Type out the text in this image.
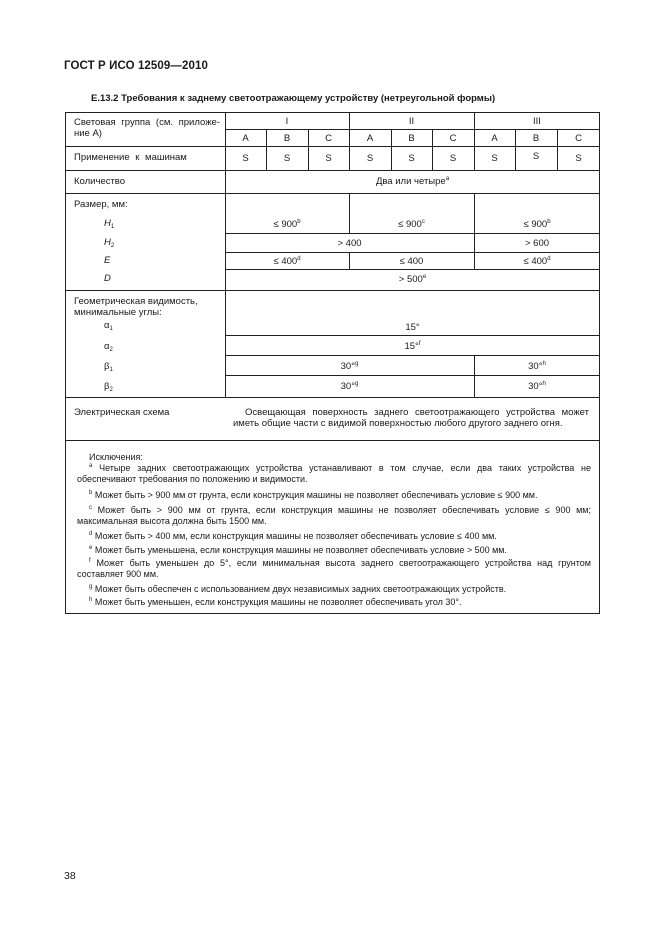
ГОСТ Р ИСО 12509—2010
Е.13.2 Требования к заднему светоотражающему устройству (нетреугольной формы)
Световая группа (см. приложе-ние А)
I	II	III
A	B	C	A	B	C	A	B	C
Применение к машинам	S	S	S	S	S	S	S	S	S
Количество	Два или четыре$^a$
Размер, мм:
$H_1$	≤ $900^b$	≤ $900^c$	≤ $900^b$
$H_2$	> 400	> 600
E	≤ $400^d$	≤ 400	≤ $400^d$
D	> $500^e$
Геометрическая видимость,
минимальные углы:
$\alpha_1$	15°
$\alpha_2$	15°$^f$
$\beta_1$	30°$^g$	30°$^h$
$\beta_2$	30°$^g$	30°$^h$
Электрическая схема	Освещающая поверхность заднего светоотражающего устройства может иметь общие части с видимой поверхностью любого другого заднего огня.
Исключения:
$^a$ Четыре задних светоотражающих устройства устанавливают в том случае, если два таких устройства не обеспечивают требования по положению и видимости.
$^b$ Может быть > 900 мм от грунта, если конструкция машины не позволяет обеспечивать условие ≤ 900 мм.
$^c$ Может быть > 900 мм от грунта, если конструкция машины не позволяет обеспечивать условие ≤ 900 мм; максимальная высота должна быть 1500 мм.
$^d$ Может быть > 400 мм, если конструкция машины не позволяет обеспечивать условие ≤ 400 мм.
$^e$ Может быть уменьшена, если конструкция машины не позволяет обеспечивать условие > 500 мм.
$^f$ Может быть уменьшен до 5°, если минимальная высота заднего светоотражающего устройства над грунтом составляет 900 мм.
$^g$ Может быть обеспечен с использованием двух независимых задних светоотражающих устройств.
$^h$ Может быть уменьшен, если конструкция машины не позволяет обеспечивать угол 30°.
38
